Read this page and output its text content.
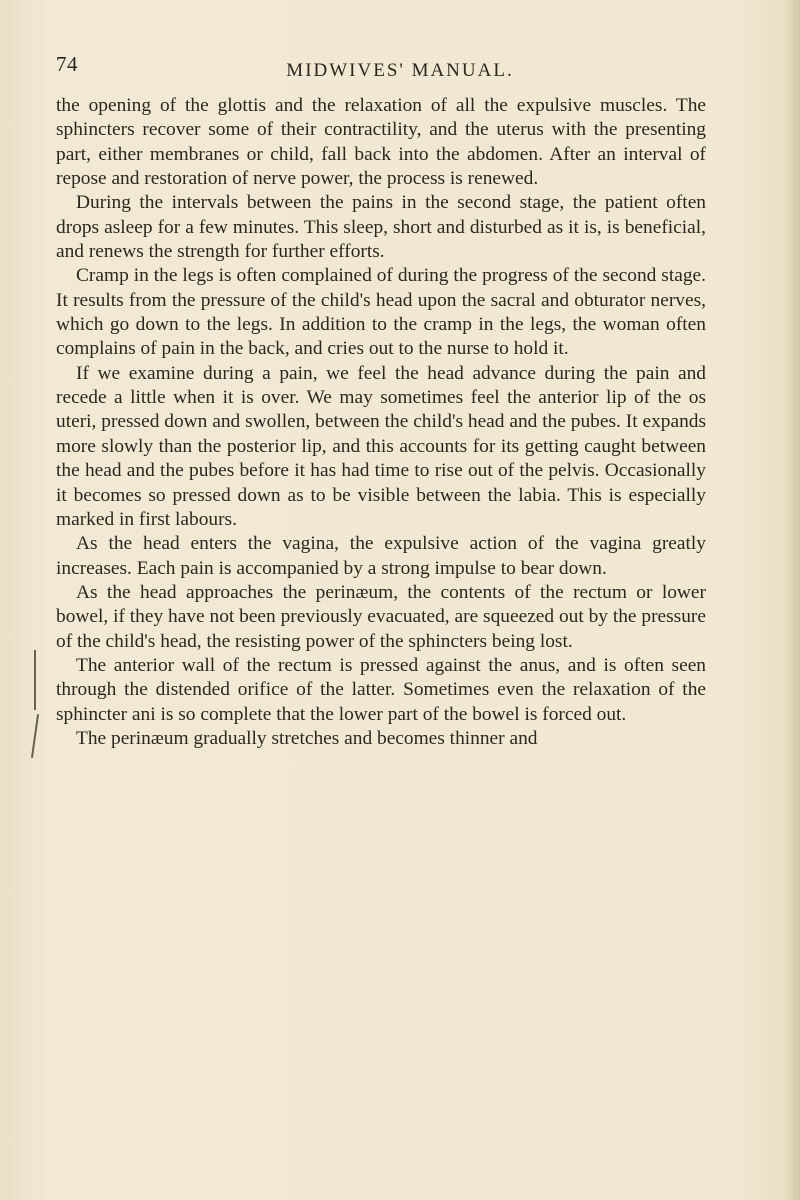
74	MIDWIVES' MANUAL.

the opening of the glottis and the relaxation of all the expulsive muscles. The sphincters recover some of their contractility, and the uterus with the presenting part, either membranes or child, fall back into the abdomen. After an interval of repose and restoration of nerve power, the process is renewed.

During the intervals between the pains in the second stage, the patient often drops asleep for a few minutes. This sleep, short and disturbed as it is, is beneficial, and renews the strength for further efforts.

Cramp in the legs is often complained of during the progress of the second stage. It results from the pressure of the child's head upon the sacral and obturator nerves, which go down to the legs. In addition to the cramp in the legs, the woman often complains of pain in the back, and cries out to the nurse to hold it.

If we examine during a pain, we feel the head advance during the pain and recede a little when it is over. We may sometimes feel the anterior lip of the os uteri, pressed down and swollen, between the child's head and the pubes. It expands more slowly than the posterior lip, and this accounts for its getting caught between the head and the pubes before it has had time to rise out of the pelvis. Occasionally it becomes so pressed down as to be visible between the labia. This is especially marked in first labours.

As the head enters the vagina, the expulsive action of the vagina greatly increases. Each pain is accompanied by a strong impulse to bear down.

As the head approaches the perinæum, the contents of the rectum or lower bowel, if they have not been previously evacuated, are squeezed out by the pressure of the child's head, the resisting power of the sphincters being lost.

The anterior wall of the rectum is pressed against the anus, and is often seen through the distended orifice of the latter. Sometimes even the relaxation of the sphincter ani is so complete that the lower part of the bowel is forced out.

The perinæum gradually stretches and becomes thinner and
